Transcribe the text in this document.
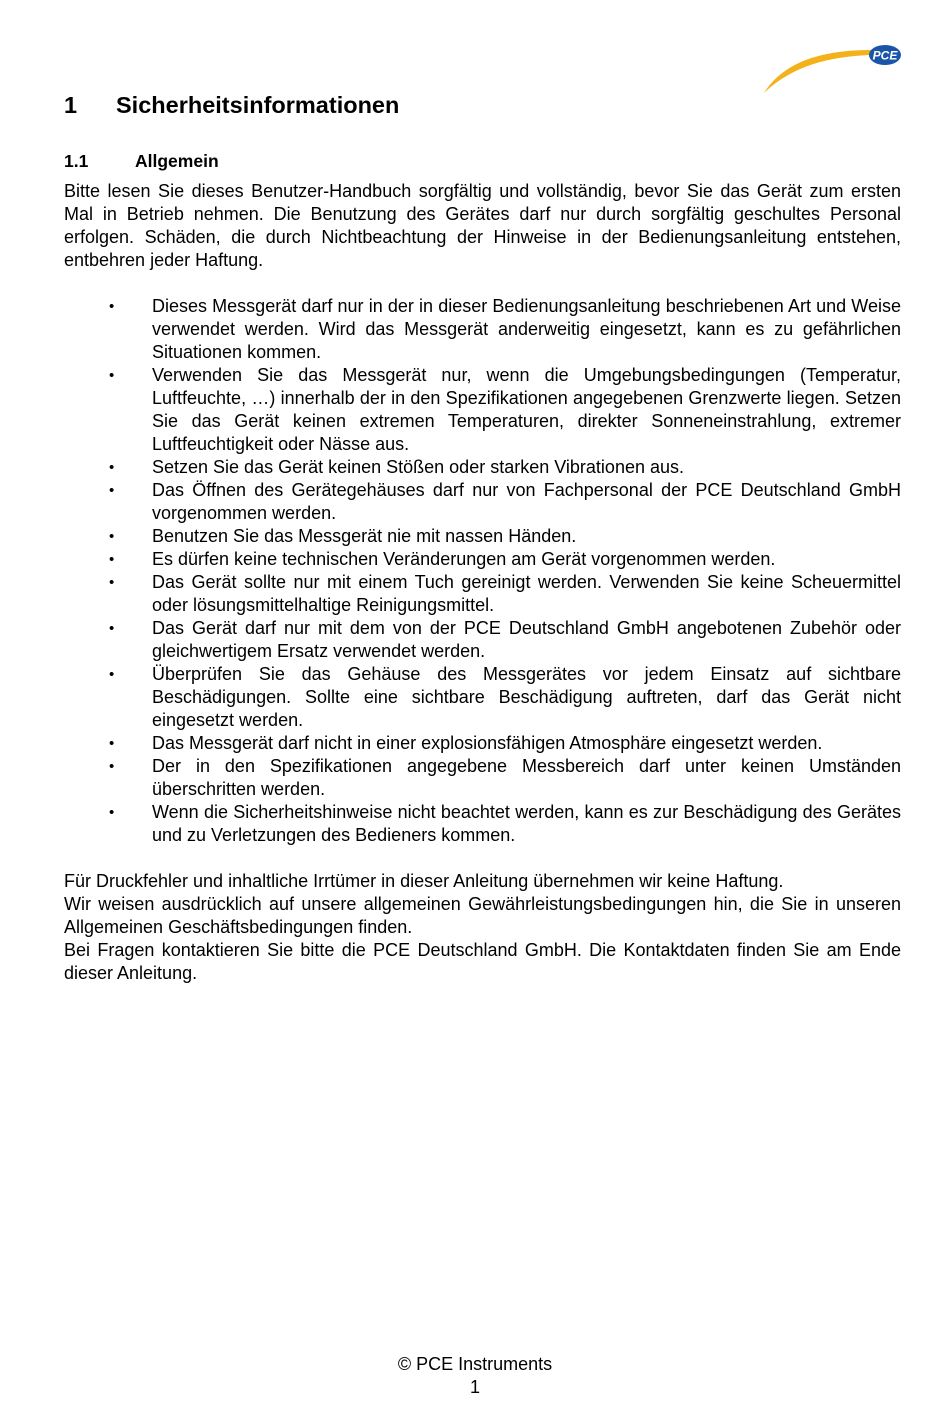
PCE
1 Sicherheitsinformationen
1.1	Allgemein

Bitte lesen Sie dieses Benutzer-Handbuch sorgfältig und vollständig, bevor Sie das Gerät zum ersten Mal in Betrieb nehmen. Die Benutzung des Gerätes darf nur durch sorgfältig geschultes Personal erfolgen. Schäden, die durch Nichtbeachtung der Hinweise in der Bedienungsanleitung entstehen, entbehren jeder Haftung.

• Dieses Messgerät darf nur in der in dieser Bedienungsanleitung beschriebenen Art und Weise verwendet werden. Wird das Messgerät anderweitig eingesetzt, kann es zu gefährlichen Situationen kommen.
• Verwenden Sie das Messgerät nur, wenn die Umgebungsbedingungen (Temperatur, Luftfeuchte, …) innerhalb der in den Spezifikationen angegebenen Grenzwerte liegen. Setzen Sie das Gerät keinen extremen Temperaturen, direkter Sonneneinstrahlung, extremer Luftfeuchtigkeit oder Nässe aus.
• Setzen Sie das Gerät keinen Stößen oder starken Vibrationen aus.
• Das Öffnen des Gerätegehäuses darf nur von Fachpersonal der PCE Deutschland GmbH vorgenommen werden.
• Benutzen Sie das Messgerät nie mit nassen Händen.
• Es dürfen keine technischen Veränderungen am Gerät vorgenommen werden.
• Das Gerät sollte nur mit einem Tuch gereinigt werden. Verwenden Sie keine Scheuermittel oder lösungsmittelhaltige Reinigungsmittel.
• Das Gerät darf nur mit dem von der PCE Deutschland GmbH angebotenen Zubehör oder gleichwertigem Ersatz verwendet werden.
• Überprüfen Sie das Gehäuse des Messgerätes vor jedem Einsatz auf sichtbare Beschädigungen. Sollte eine sichtbare Beschädigung auftreten, darf das Gerät nicht eingesetzt werden.
• Das Messgerät darf nicht in einer explosionsfähigen Atmosphäre eingesetzt werden.
• Der in den Spezifikationen angegebene Messbereich darf unter keinen Umständen überschritten werden.
• Wenn die Sicherheitshinweise nicht beachtet werden, kann es zur Beschädigung des Gerätes und zu Verletzungen des Bedieners kommen.

Für Druckfehler und inhaltliche Irrtümer in dieser Anleitung übernehmen wir keine Haftung.

Wir weisen ausdrücklich auf unsere allgemeinen Gewährleistungsbedingungen hin, die Sie in unseren Allgemeinen Geschäftsbedingungen finden.

Bei Fragen kontaktieren Sie bitte die PCE Deutschland GmbH. Die Kontaktdaten finden Sie am Ende dieser Anleitung.

© PCE Instruments
1
